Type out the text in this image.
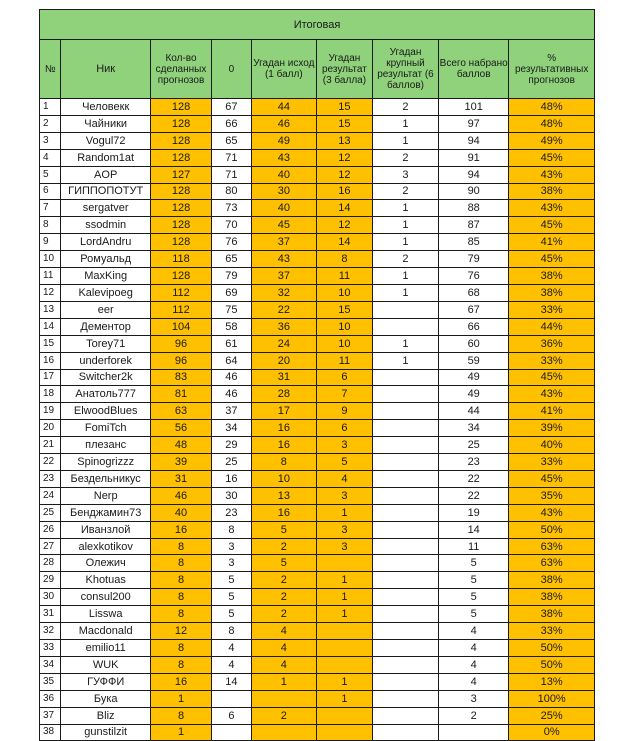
Итоговая								
№	Ник	Кол-во сделанных прогнозов	0	Угадан исход (1 балл)	Угадан результат (3 балла)	Угадан крупный результат (6 баллов)	Всего набрано баллов	% результативных прогнозов
1	Человекк	128	67	44	15	2	101	48%
2	Чайники	128	66	46	15	1	97	48%
3	Vogul72	128	65	49	13	1	94	49%
4	Random1at	128	71	43	12	2	91	45%
5	AOP	127	71	40	12	3	94	43%
6	ГИППОПОТУТ	128	80	30	16	2	90	38%
7	sergatver	128	73	40	14	1	88	43%
8	ssodmin	128	70	45	12	1	87	45%
9	LordAndru	128	76	37	14	1	85	41%
10	Ромуальд	118	65	43	8	2	79	45%
11	MaxKing	128	79	37	11	1	76	38%
12	Kalevipoeg	112	69	32	10	1	68	38%
13	eer	112	75	22	15		67	33%
14	Дементор	104	58	36	10		66	44%
15	Torey71	96	61	24	10	1	60	36%
16	underforek	96	64	20	11	1	59	33%
17	Switcher2k	83	46	31	6		49	45%
18	Анатоль777	81	46	28	7		49	43%
19	ElwoodBlues	63	37	17	9		44	41%
20	FomiTch	56	34	16	6		34	39%
21	плезанс	48	29	16	3		25	40%
22	Spinogrizzz	39	25	8	5		23	33%
23	Бездельникус	31	16	10	4		22	45%
24	Nerp	46	30	13	3		22	35%
25	Бенджамин73	40	23	16	1		19	43%
26	Иванзлой	16	8	5	3		14	50%
27	alexkotikov	8	3	2	3		11	63%
28	Олежич	8	3	5			5	63%
29	Khotuas	8	5	2	1		5	38%
30	consul200	8	5	2	1		5	38%
31	Lisswa	8	5	2	1		5	38%
32	Macdonald	12	8	4			4	33%
33	emilio11	8	4	4			4	50%
34	WUK	8	4	4			4	50%
35	ГУФФИ	16	14	1	1		4	13%
36	Бука	1			1		3	100%
37	Bliz	8	6	2			2	25%
38	gunstilzit	1						0%
